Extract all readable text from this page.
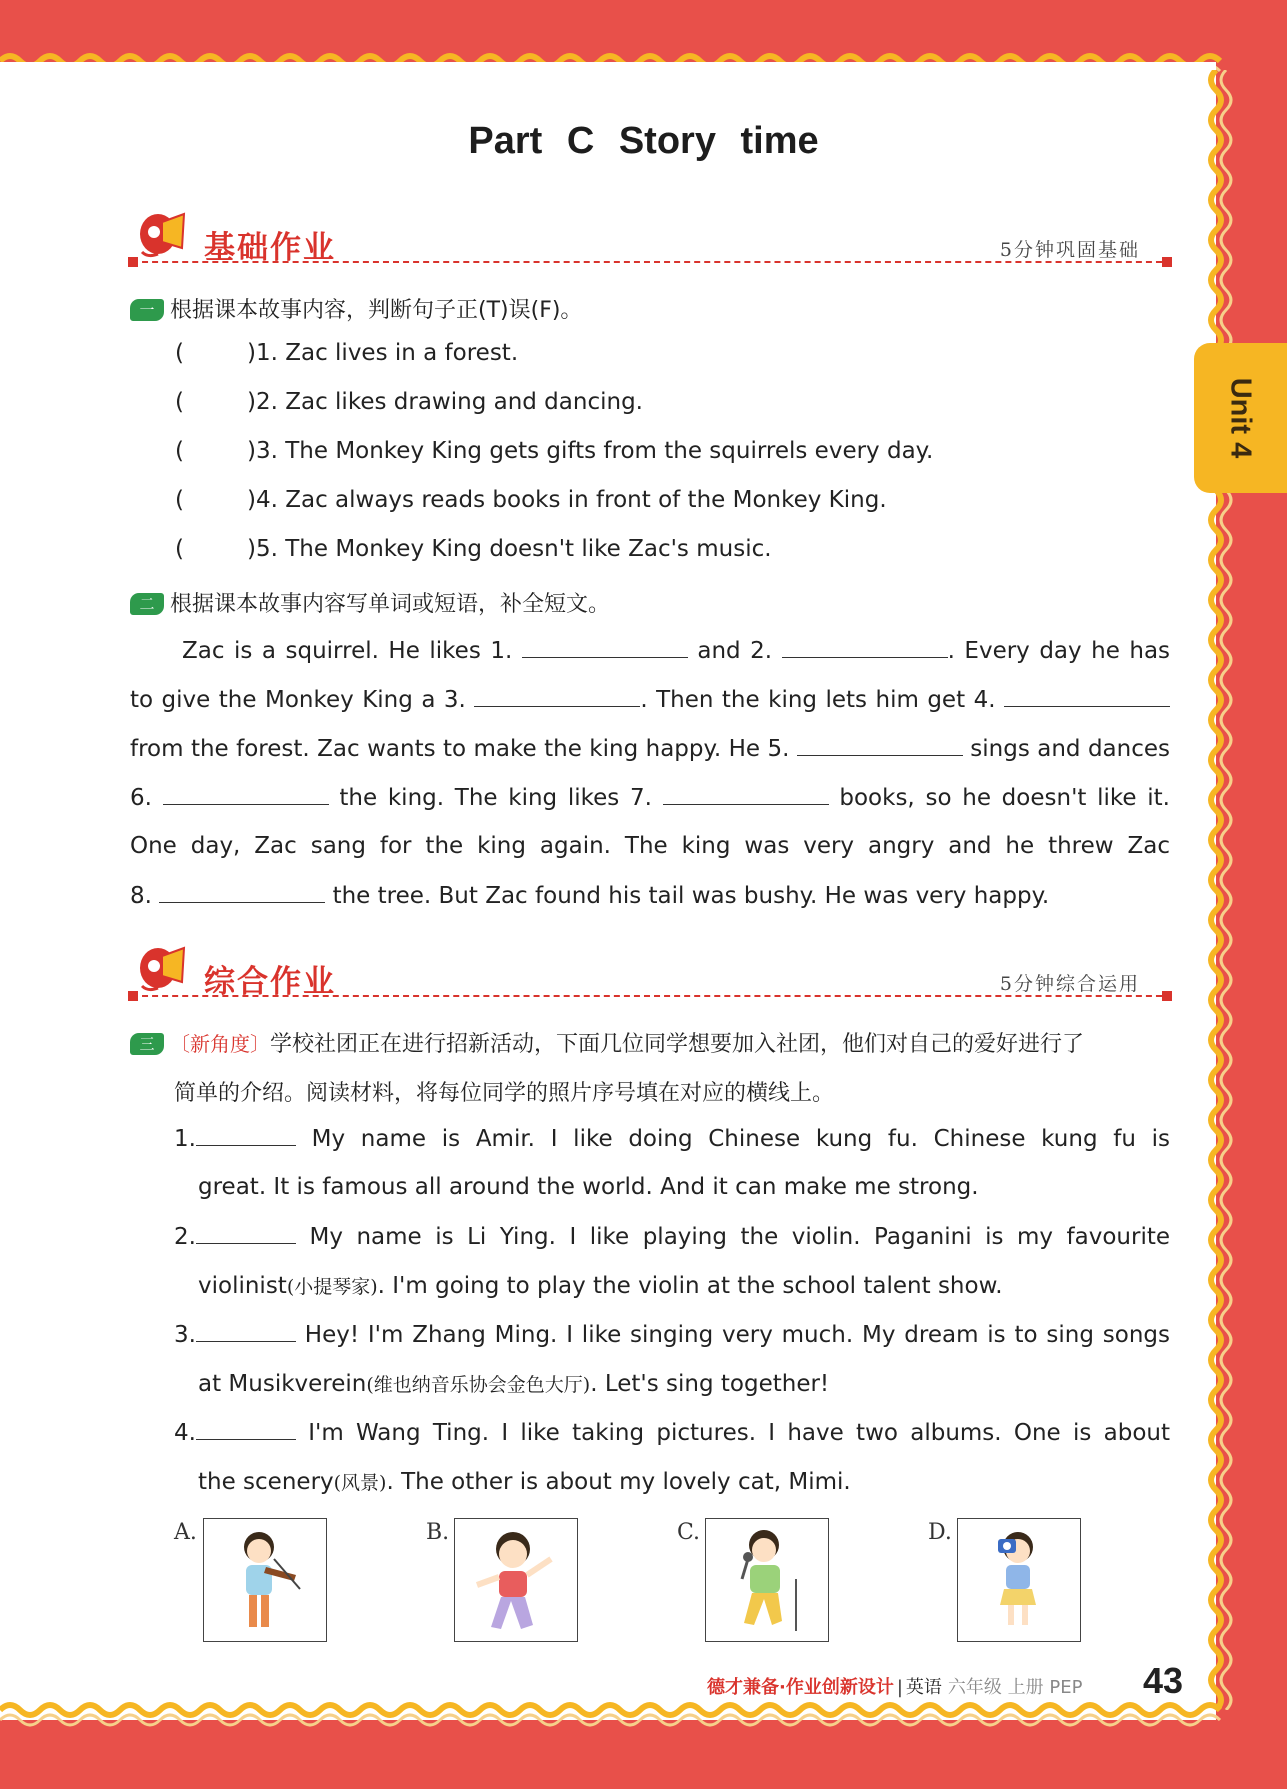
Unit 4
Part C Story time
基础作业	5分钟巩固基础
一 根据课本故事内容，判断句子正(T)误(F)。
(	)1. Zac lives in a forest.
(	)2. Zac likes drawing and dancing.
(	)3. The Monkey King gets gifts from the squirrels every day.
(	)4. Zac always reads books in front of the Monkey King.
(	)5. The Monkey King doesn't like Zac's music.
二 根据课本故事内容写单词或短语，补全短文。
Zac is a squirrel. He likes 1.	and 2.	. Every day he has
to give the Monkey King a 3.	. Then the king lets him get 4.
from the forest. Zac wants to make the king happy. He 5.	sings and dances
6.	the king. The king likes 7.	books, so he doesn't like it.
One day, Zac sang for the king again. The king was very angry and he threw Zac
8.	the tree. But Zac found his tail was bushy. He was very happy.
综合作业	5分钟综合运用
三 〔新角度〕学校社团正在进行招新活动，下面几位同学想要加入社团，他们对自己的爱好进行了
简单的介绍。阅读材料，将每位同学的照片序号填在对应的横线上。
1.	My name is Amir. I like doing Chinese kung fu. Chinese kung fu is
great. It is famous all around the world. And it can make me strong.
2.	My name is Li Ying. I like playing the violin. Paganini is my favourite
violinist(小提琴家). I'm going to play the violin at the school talent show.
3.	Hey! I'm Zhang Ming. I like singing very much. My dream is to sing songs
at Musikverein(维也纳音乐协会金色大厅). Let's sing together!
4.	I'm Wang Ting. I like taking pictures. I have two albums. One is about
the scenery(风景). The other is about my lovely cat, Mimi.
A.	B.	C.	D.
德才兼备·作业创新设计 | 英语 六年级 上册 PEP 43
